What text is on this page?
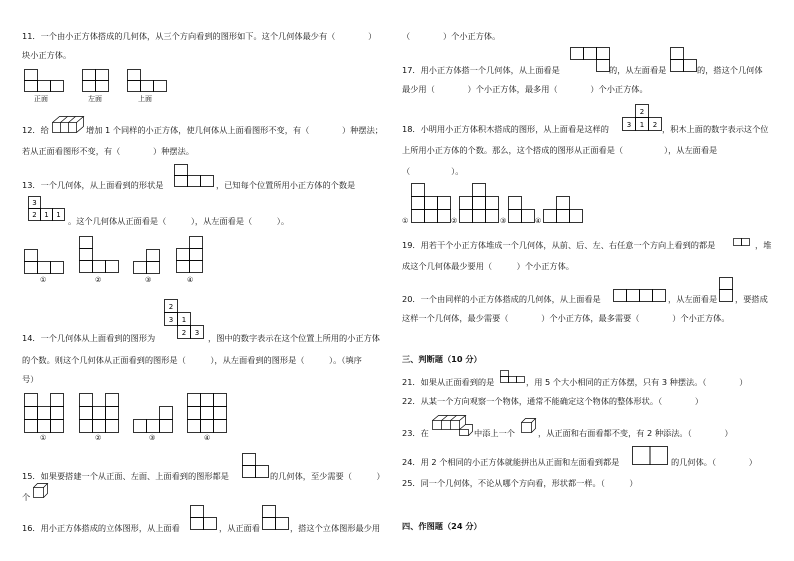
11．一个由小正方体搭成的几何体，从三个方向看到的图形如下。这个几何体最少有（　　　　）
块小正方体。
正面	左面	上面
12．给	增加 1 个同样的小正方体，使几何体从上面看图形不变，有（　　　　）种摆法；
若从正面看图形不变，有（　　　　）种摆法。
13．一个几何体，从上面看到的形状是	，已知每个位置所用小正方体的个数是
3
2 1 1
。这个几何体从正面看是（　　　），从左面看是（　　　）。
①	②	③	④
2
3 1
2 3
14．一个几何体从上面看到的图形为	，图中的数字表示在这个位置上所用的小正方体
的个数。则这个几何体从正面看到的图形是（　　　），从左面看到的图形是（　　　）。（填序
号）
①	②	③	④
15．如果要搭建一个从正面、左面、上面看到的图形都是	的几何体，至少需要（　　　）
个
16．用小正方体搭成的立体图形，从上面看	，从正面看	，搭这个立体图形最少用
（　　　　）个小正方体。
17．用小正方体搭一个几何体，从上面看是	的，从左面看是	的，搭这个几何体
最少用（　　　　）个小正方体，最多用（　　　　）个小正方体。
18．小明用小正方体积木搭成的图形，从上面看是这样的
2
3 1 2 ，积木上面的数字表示这个位
上所用小正方体的个数。那么，这个搭成的图形从正面看是（　　　　　），从左面看是
（　　　　　）。
①	②	③	④
19．用若干个小正方体堆成一个几何体，从前、后、左、右任意一个方向上看到的都是	，堆
成这个几何体最少要用（　　　）个小正方体。
20．一个由同样的小正方体搭成的几何体，从上面看是	，从左面看是 ，要搭成
这样一个几何体，最少需要（　　　　）个小正方体，最多需要（　　　　）个小正方体。
三、判断题（10 分）
21．如果从正面看到的是	，用 5 个大小相同的正方体摆，只有 3 种摆法。（　　　　）
22．从某一个方向观察一个物体，通常不能确定这个物体的整体形状。（　　　　）
23．在	中添上一个	，从正面和右面看都不变，有 2 种添法。（　　　　）
24．用 2 个相同的小正方体就能拼出从正面和左面看到都是	的几何体。（　　　　）
25．同一个几何体，不论从哪个方向看，形状都一样。（　　　）
四、作图题（24 分）
